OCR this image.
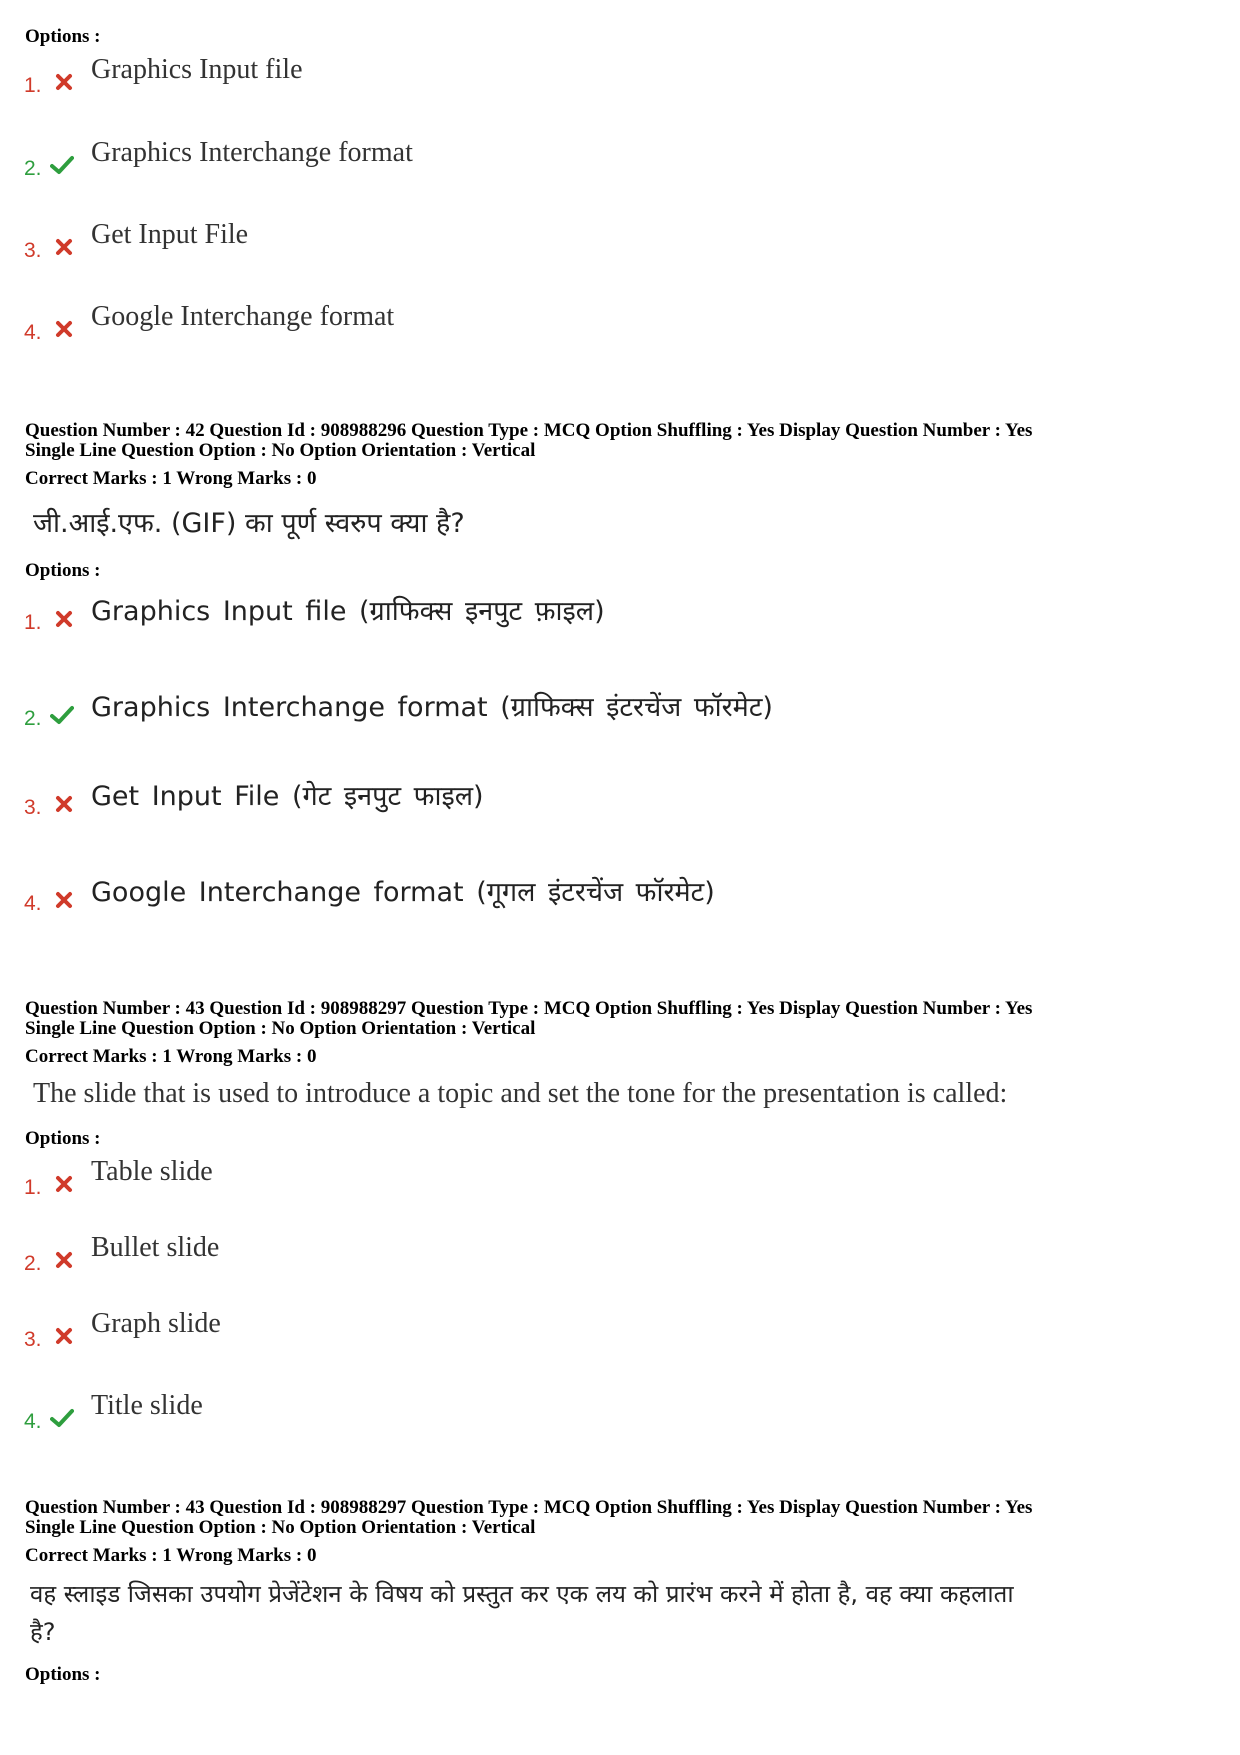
Options :
1.
Graphics Input file
2.
Graphics Interchange format
3.
Get Input File
4.
Google Interchange format
Question Number : 42 Question Id : 908988296 Question Type : MCQ Option Shuffling : Yes Display Question Number : Yes
Single Line Question Option : No Option Orientation : Vertical
Correct Marks : 1 Wrong Marks : 0
जी.आई.एफ. (GIF) का पूर्ण स्वरुप क्या है?
Options :
1. Graphics Input file (ग्राफिक्स इनपुट फ़ाइल)
2. Graphics Interchange format (ग्राफिक्स इंटरचेंज फॉरमेट)
3. Get Input File (गेट इनपुट फाइल)
4. Google Interchange format (गूगल इंटरचेंज फॉरमेट)
Question Number : 43 Question Id : 908988297 Question Type : MCQ Option Shuffling : Yes Display Question Number : Yes
Single Line Question Option : No Option Orientation : Vertical
Correct Marks : 1 Wrong Marks : 0
The slide that is used to introduce a topic and set the tone for the presentation is called:
Options :
1.
Table slide
2.
Bullet slide
3.
Graph slide
4.
Title slide
Question Number : 43 Question Id : 908988297 Question Type : MCQ Option Shuffling : Yes Display Question Number : Yes
Single Line Question Option : No Option Orientation : Vertical
Correct Marks : 1 Wrong Marks : 0
वह स्लाइड जिसका उपयोग प्रेजेंटेशन के विषय को प्रस्तुत कर एक लय को प्रारंभ करने में होता है, वह क्या कहलाता
है?
Options :
